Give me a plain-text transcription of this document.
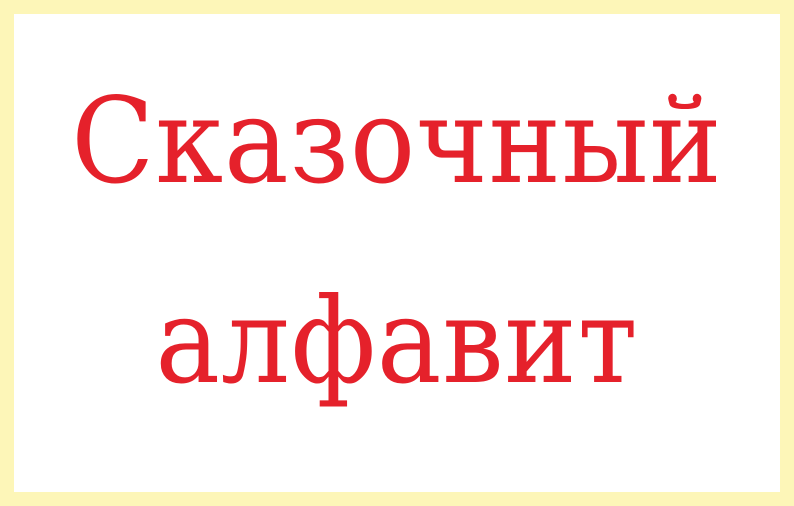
Сказочный
алфавит
